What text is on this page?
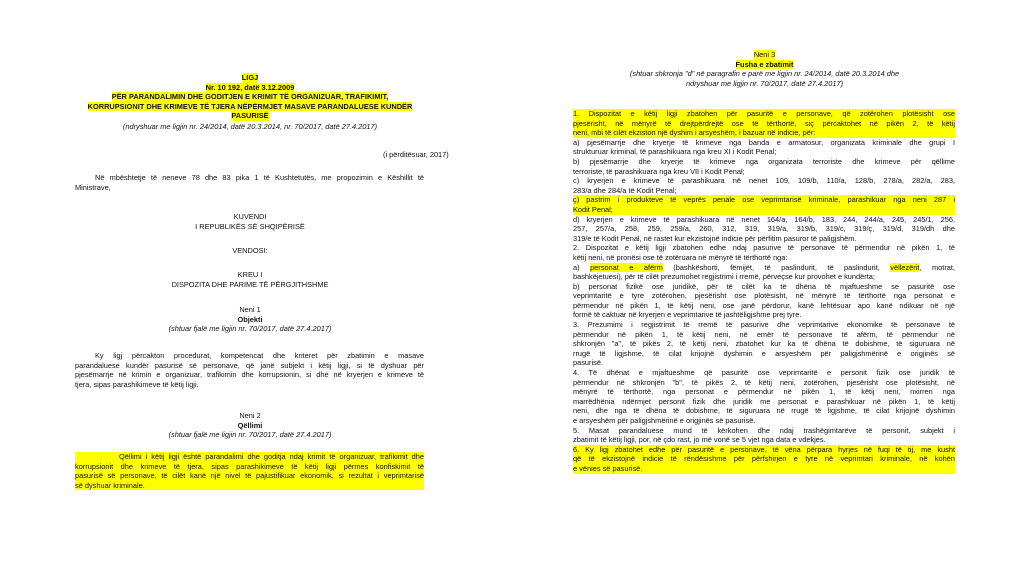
LIGJ
Nr. 10 192, datë 3.12.2009
PËR PARANDALIMIN DHE GODITJEN E KRIMIT TË ORGANIZUAR, TRAFIKIMIT,
KORRUPSIONIT DHE KRIMEVE TË TJERA NËPËRMJET MASAVE PARANDALUESE KUNDËR
PASURISË
(ndryshuar me ligjin nr. 24/2014, datë 20.3.2014, nr. 70/2017, datë 27.4.2017)
(i përditësuar, 2017)
Në mbështetje të neneve 78 dhe 83 pika 1 të Kushtetutës, me propozimin e Këshillit të
Ministrave,
KUVENDI
I REPUBLIKËS SË SHQIPËRISË
VENDOSI:
KREU I
DISPOZITA DHE PARIME TË PËRGJITHSHME
Neni 1
Objekti
(shtuar fjalë me ligjin nr. 70/2017, datë 27.4.2017)
Ky ligj përcakton procedurat, kompetencat dhe kriteret për zbatimin e masave
parandaluese kundër pasurisë së personave, që janë subjekt i këtij ligji, si të dyshuar për
pjesëmarrje në krimin e organizuar, trafikimin dhe korrupsionin, si dhe në kryerjen e krimeve të
tjera, sipas parashikimeve të këtij ligji.
Neni 2
Qëllimi
(shtuar fjalë me ligjin nr. 70/2017, datë 27.4.2017)
Qëllimi i këtij ligji është parandalimi dhe goditja ndaj krimit të organizuar, trafikimit dhe
korrupsionit dhe krimeve të tjera, sipas parashikimeve të këtij ligji përmes konfiskimit të
pasurisë së personave, të cilët kanë një nivel të pajustifikuar ekonomik, si rezultat i veprimtarisë
së dyshuar kriminale.
Neni 3
Fusha e zbatimit
(shtuar shkronja "d" në paragrafin e parë me ligjin nr. 24/2014, datë 20.3.2014 dhe
ndryshuar me ligjin nr. 70/2017, datë 27.4.2017)
1. Dispozitat e këtij ligji zbatohen për pasuritë e personave, që zotërohen plotësisht ose
pjesërisht, në mënyrë të drejtpërdrejtë ose të tërthortë, siç përcaktohet në pikën 2, të këtij
neni, mbi të cilët ekziston një dyshim i arsyeshëm, i bazuar në indicie, për:
a) pjesëmarrje dhe kryerje të krimeve nga banda e armatosur, organizata kriminale dhe grupi I
strukturuar kriminal, të parashikuara nga kreu XI i Kodit Penal;
b) pjesëmarrje dhe kryerje të krimeve nga organizata terroriste dhe krimeve për qëllime
terroriste, të parashikuara nga kreu VII i Kodit Penal;
c) kryerjen e krimeve të parashikuara në nenet 109, 109/b, 110/a, 128/b, 278/a, 282/a, 283,
283/a dhe 284/a të Kodit Penal;
ç) pastrim i produkteve të veprës penale ose veprimtarisë kriminale, parashikuar nga neni 287 i
Kodit Penal;
d) kryerjen e krimeve të parashikuara në nenet 164/a, 164/b, 183, 244, 244/a, 245, 245/1, 256,
257, 257/a, 258, 259, 259/a, 260, 312, 319, 319/a, 319/b, 319/c, 319/ç, 319/d, 319/dh dhe
319/e të Kodit Penal, në rastet kur ekzistojnë indicie për përfitim pasuror të paligjshëm.
2. Dispozitat e këtij ligji zbatohen edhe ndaj pasurive të personave të përmendur në pikën 1, të
këtij neni, në pronësi ose të zotëruara në mënyrë të tërthortë nga:
a) personat e afërm (bashkëshorti, fëmijët, të paslindurit, të paslindurit, vëllezërit, motrat,
bashkëjetuesi), për të cilët prezumohet regjistrimi i rremë, përveçse kur provohet e kundërta;
b) personat fizikë ose juridikë, për të cilët ka të dhëna të mjaftueshme se pasuritë ose
veprimtaritë e tyre zotërohen, pjesërisht ose plotësisht, në mënyrë të tërthortë nga personat e
përmendur në pikën 1, të këtij neni, ose janë përdorur, kanë lehtësuar apo kanë ndikuar në një
formë të caktuar në kryerjen e veprimtarive të jashtëligjshme prej tyre.
3. Prezumimi i regjistrimit të rremë të pasurive dhe veprimtarive ekonomike të personave të
përmendur në pikën 1, të këtij neni, në emër të personave të afërm, të përmendur në
shkronjën "a", të pikës 2, të këtij neni, zbatohet kur ka të dhëna të dobishme, të siguruara në
rrugë të ligjshme, të cilat krijojnë dyshimin e arsyeshëm për paligjshmërinë e origjinës së
pasurisë.
4. Të dhënat e mjaftueshme që pasuritë ose veprimtaritë e personit fizik ose juridik të
përmendur në shkronjën "b", të pikës 2, të këtij neni, zotërohen, pjesërisht ose plotësisht, në
mënyrë të tërthortë, nga personat e përmendur në pikën 1, të këtij neni, nxirren nga
marrëdhënia ndërmjet personit fizik dhe juridik me personat e parashikuar në pikën 1, të këtij
neni, dhe nga të dhëna të dobishme, të siguruara në rrugë të ligjshme, të cilat krijojnë dyshimin
e arsyeshëm për paligjshmërinë e origjinës së pasurisë.
5. Masat parandaluese mund të kërkohen dhe ndaj trashëgimtarëve të personit, subjekt i
zbatimit të këtij ligji, por, në çdo rast, jo më vonë se 5 vjet nga data e vdekjes.
6. Ky ligj zbatohet edhe për pasuritë e personave, të vëna përpara hyrjes në fuqi të tij, me kusht
që të ekzistojnë indicie të rëndësishme për përfshirjen e tyre në veprimtari kriminale, në kohën
e vënies së pasurisë.
